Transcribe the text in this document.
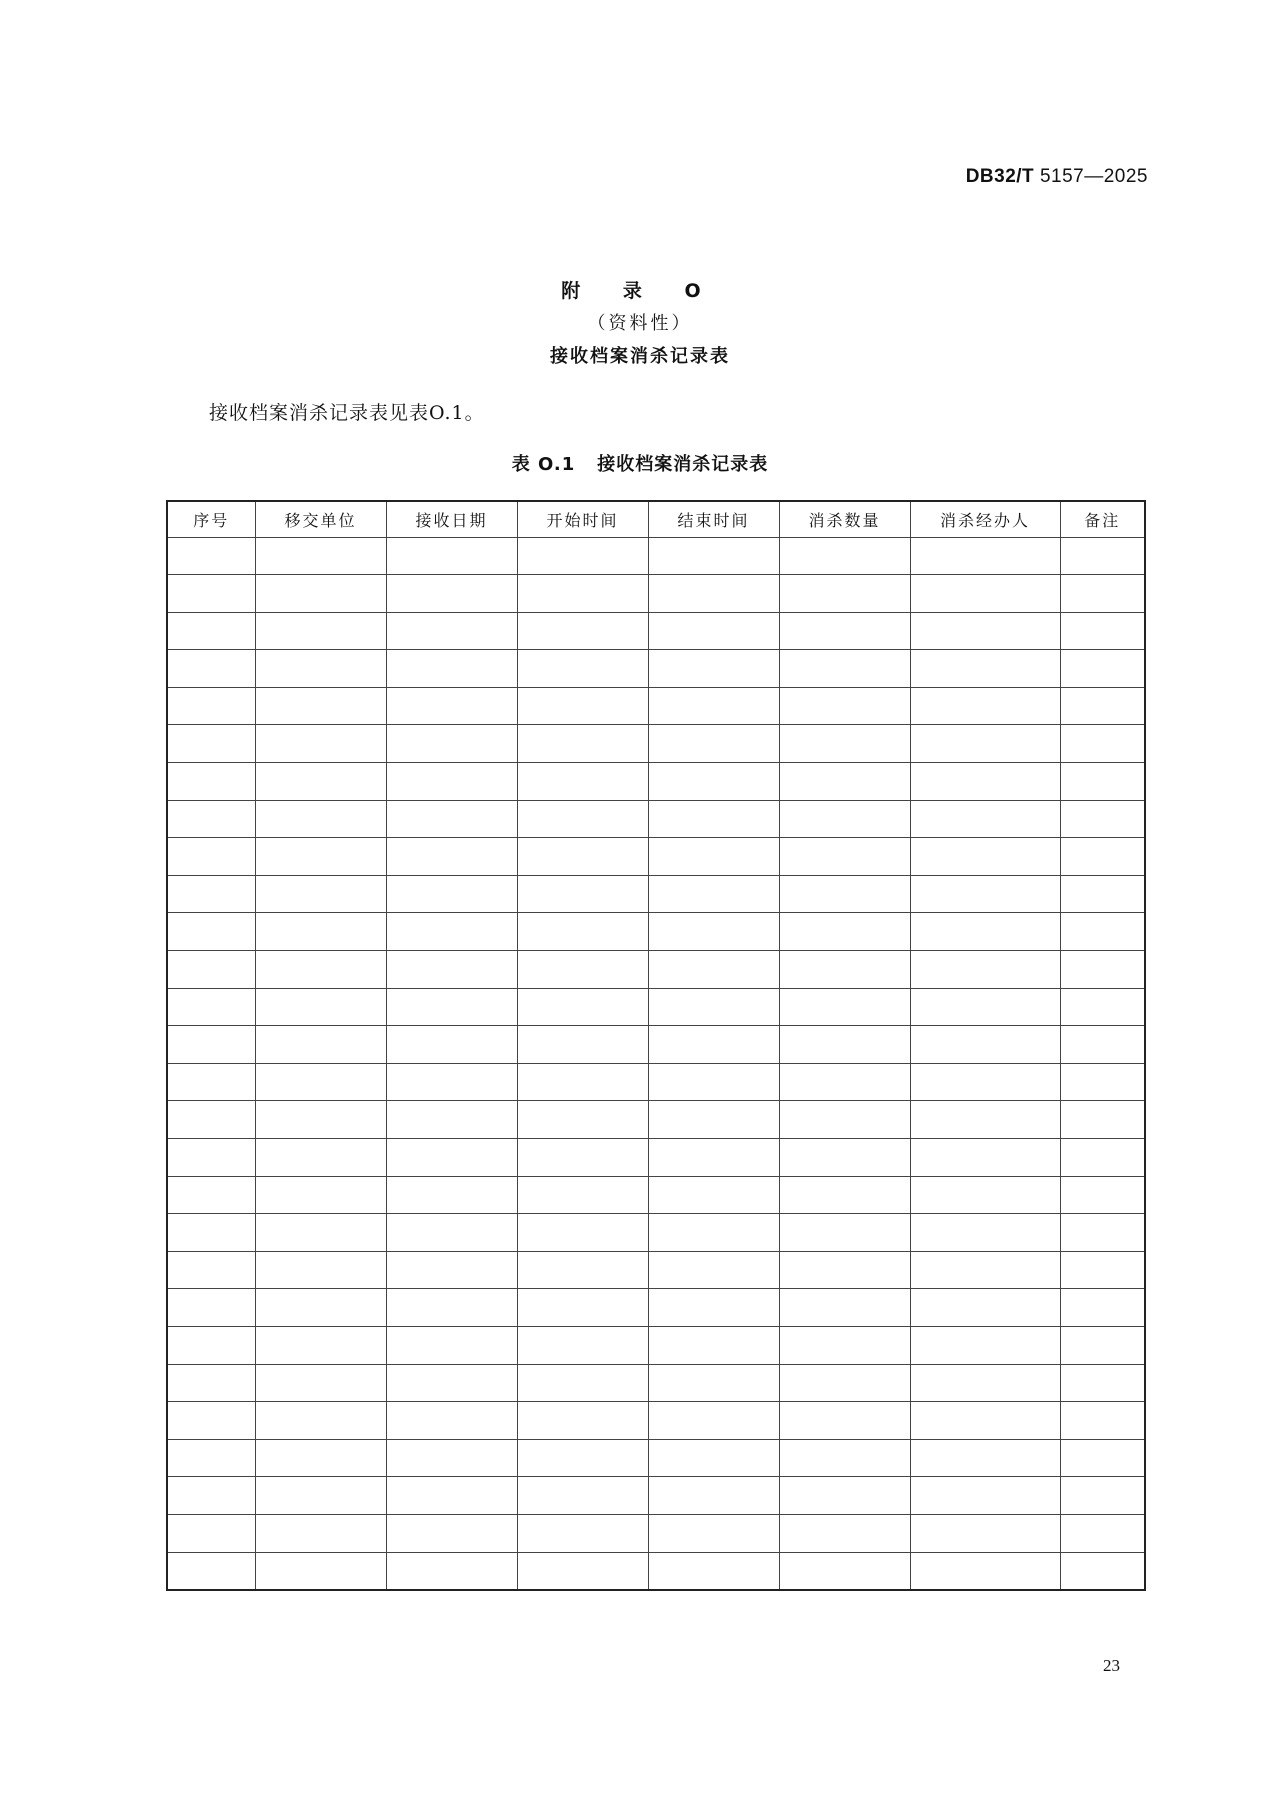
DB32/T 5157—2025
附 录 O
（资料性）
接收档案消杀记录表
接收档案消杀记录表见表O.1。
表 O.1 接收档案消杀记录表
序号	移交单位	接收日期	开始时间	结束时间	消杀数量	消杀经办人	备注

23
